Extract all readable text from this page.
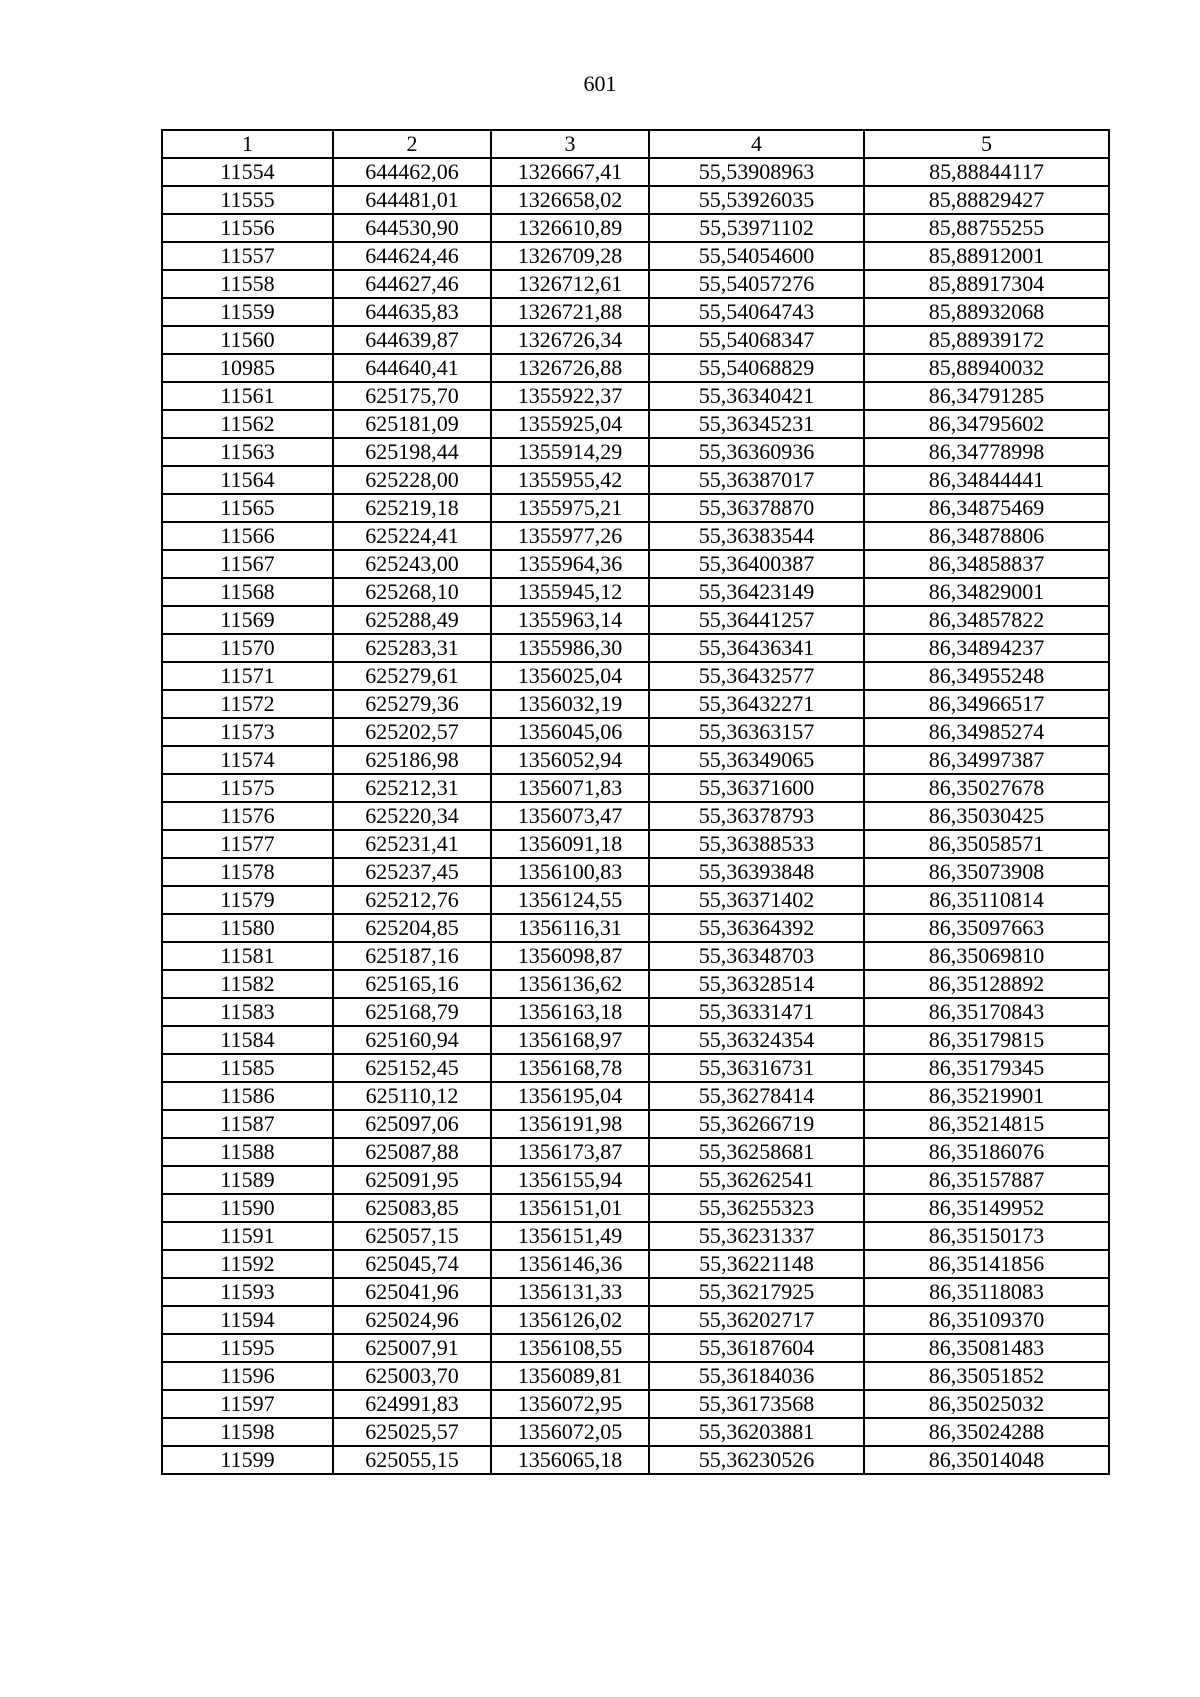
601
1	2	3	4	5
11554	644462,06	1326667,41	55,53908963	85,88844117
11555	644481,01	1326658,02	55,53926035	85,88829427
11556	644530,90	1326610,89	55,53971102	85,88755255
11557	644624,46	1326709,28	55,54054600	85,88912001
11558	644627,46	1326712,61	55,54057276	85,88917304
11559	644635,83	1326721,88	55,54064743	85,88932068
11560	644639,87	1326726,34	55,54068347	85,88939172
10985	644640,41	1326726,88	55,54068829	85,88940032
11561	625175,70	1355922,37	55,36340421	86,34791285
11562	625181,09	1355925,04	55,36345231	86,34795602
11563	625198,44	1355914,29	55,36360936	86,34778998
11564	625228,00	1355955,42	55,36387017	86,34844441
11565	625219,18	1355975,21	55,36378870	86,34875469
11566	625224,41	1355977,26	55,36383544	86,34878806
11567	625243,00	1355964,36	55,36400387	86,34858837
11568	625268,10	1355945,12	55,36423149	86,34829001
11569	625288,49	1355963,14	55,36441257	86,34857822
11570	625283,31	1355986,30	55,36436341	86,34894237
11571	625279,61	1356025,04	55,36432577	86,34955248
11572	625279,36	1356032,19	55,36432271	86,34966517
11573	625202,57	1356045,06	55,36363157	86,34985274
11574	625186,98	1356052,94	55,36349065	86,34997387
11575	625212,31	1356071,83	55,36371600	86,35027678
11576	625220,34	1356073,47	55,36378793	86,35030425
11577	625231,41	1356091,18	55,36388533	86,35058571
11578	625237,45	1356100,83	55,36393848	86,35073908
11579	625212,76	1356124,55	55,36371402	86,35110814
11580	625204,85	1356116,31	55,36364392	86,35097663
11581	625187,16	1356098,87	55,36348703	86,35069810
11582	625165,16	1356136,62	55,36328514	86,35128892
11583	625168,79	1356163,18	55,36331471	86,35170843
11584	625160,94	1356168,97	55,36324354	86,35179815
11585	625152,45	1356168,78	55,36316731	86,35179345
11586	625110,12	1356195,04	55,36278414	86,35219901
11587	625097,06	1356191,98	55,36266719	86,35214815
11588	625087,88	1356173,87	55,36258681	86,35186076
11589	625091,95	1356155,94	55,36262541	86,35157887
11590	625083,85	1356151,01	55,36255323	86,35149952
11591	625057,15	1356151,49	55,36231337	86,35150173
11592	625045,74	1356146,36	55,36221148	86,35141856
11593	625041,96	1356131,33	55,36217925	86,35118083
11594	625024,96	1356126,02	55,36202717	86,35109370
11595	625007,91	1356108,55	55,36187604	86,35081483
11596	625003,70	1356089,81	55,36184036	86,35051852
11597	624991,83	1356072,95	55,36173568	86,35025032
11598	625025,57	1356072,05	55,36203881	86,35024288
11599	625055,15	1356065,18	55,36230526	86,35014048
